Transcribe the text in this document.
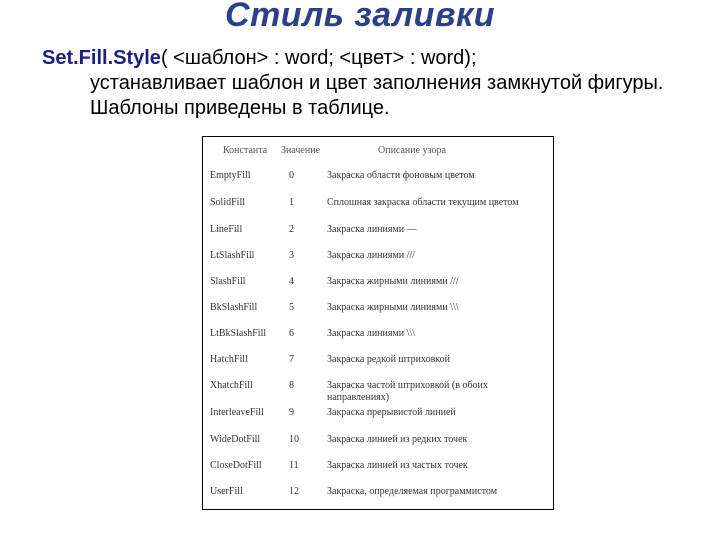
Стиль заливки
Set.Fill.Style( <шаблон> : word; <цвет> : word);
устанавливает шаблон и цвет заполнения замкнутой фигуры. Шаблоны приведены в таблице.
Константа Значение	Описание узора
EmptyFill	0	Закраска области фоновым цветом
SolidFill	1	Сплошная закраска области текущим цветом
LineFill	2	Закраска линиями —
LtSlashFill	3	Закраска линиями ///
SlashFill	4	Закраска жирными линиями ///
BkSlashFill	5	Закраска жирными линиями \\\
LtBkSlashFill 6	Закраска линиями \\\
HatchFill	7	Закраска редкой штриховкой
XhatchFill	8	Закраска частой штриховкой (в обоих направлениях)
InterleaveFill	9	Закраска прерывистой линией
WideDotFill	10	Закраска линией из редких точек
CloseDotFill	11	Закраска линией из частых точек
UserFill	12	Закраска, определяемая программистом
